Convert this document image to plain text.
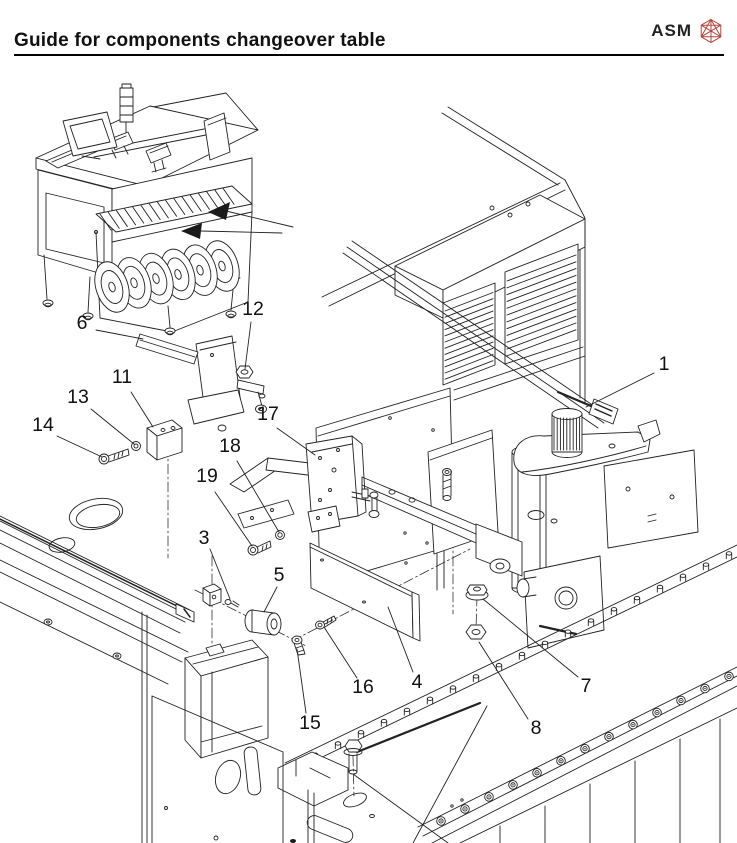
Guide for components changeover table	ASM
1
3
4
5
6
7
8
11
12
13
14
15
16
17
18
19
